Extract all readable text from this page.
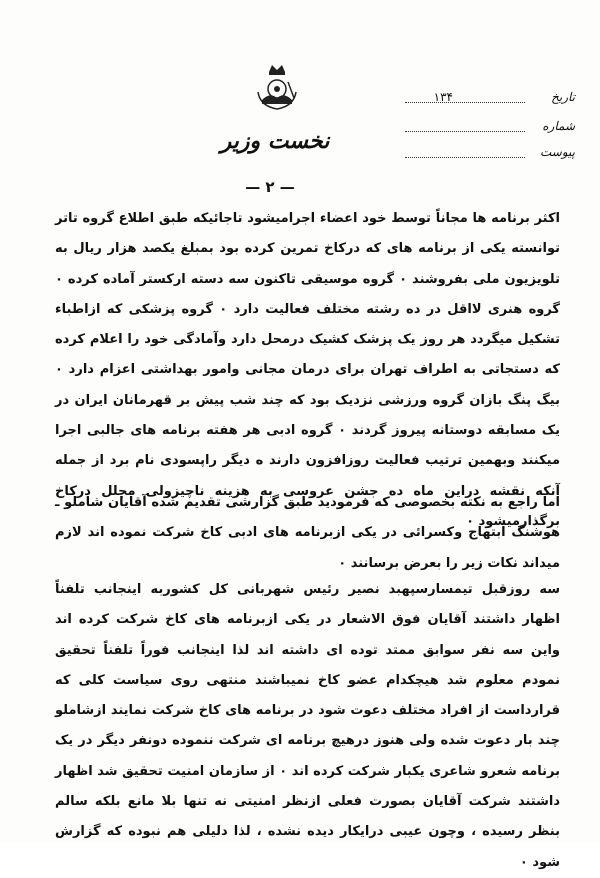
نخست وزیر
— ۲ —
تاریخ
۱۳۴
شماره
پیوست
اکثر برنامه ها مجاناً توسط خود اعضاء اجرامیشود تاجائیکه طبق اطلاع گروه تاتر توانسته یکی از برنامه های که درکاخ تمرین کرده بود بمبلغ یکصد هزار ریال به تلویزیون ملی بفروشند ۰ گروه موسیقی تاکنون سه دسته ارکستر آماده کرده ۰ گروه هنری لااقل در ده رشته مختلف فعالیت دارد ۰ گروه پزشکی که ازاطباء تشکیل میگردد هر روز یک پزشک کشیک درمحل دارد وآمادگی خود را اعلام کرده که دستجاتی به اطراف تهران برای درمان مجانی وامور بهداشتی اعزام دارد ۰ بیگ پنگ بازان گروه ورزشی نزدیک بود که چند شب پیش بر قهرمانان ایران در یک مسابقه دوستانه پیروز گردند ۰ گروه ادبی هر هفته برنامه های جالبی اجرا میکنند وبهمین ترتیب فعالیت روزافزون دارند ه دیگر راپسودی نام برد از جمله آنکه نقشه دراین ماه ده جشن عروسی به هزینه ناچیزولی مجلل درکاخ برگذارمیشود ۰
اما راجع به نکته بخصوصی که فرمودید طبق گزارشی تقدیم شده آقایان شاملو ـ هوشنگ ابتهاج وکسرائی در یکی ازبرنامه های ادبی کاخ شرکت نموده اند لازم میداند نکات زیر را بعرض برسانند ۰
سه روزقبل تیمسارسپهبد نصیر رئیس شهربانی کل کشوربه اینجانب تلفناً اظهار داشتند آقایان فوق الاشعار در یکی ازبرنامه های کاخ شرکت کرده اند واین سه نفر سوابق ممتد توده ای داشته اند لذا اینجانب فوراً تلفناً تحقیق نمودم معلوم شد هیچکدام عضو کاخ نمیباشند منتهی روی سیاست کلی که قرارداست از افراد مختلف دعوت شود در برنامه های کاخ شرکت نمایند ازشاملو چند بار دعوت شده ولی هنوز درهیچ برنامه ای شرکت ننموده دونفر دیگر در یک برنامه شعرو شاعری یکبار شرکت کرده اند ۰ از سازمان امنیت تحقیق شد اظهار داشتند شرکت آقایان بصورت فعلی ازنظر امنیتی نه تنها بلا مانع بلکه سالم بنظر رسیده ، وچون عیبی درایکار دیده نشده ، لذا دلیلی هم نبوده که گزارش شود ۰
